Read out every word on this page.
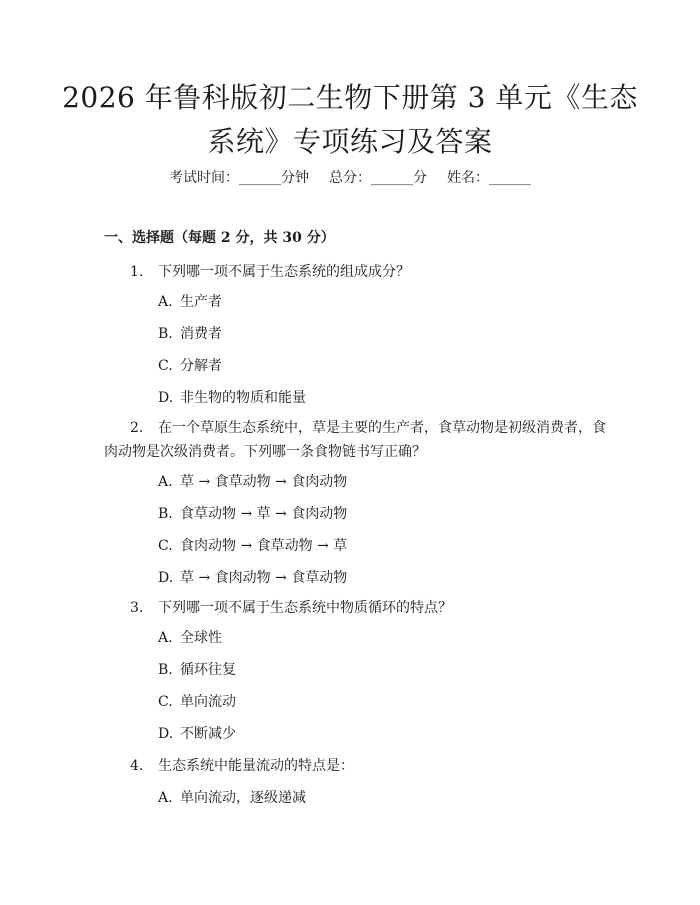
2026 年鲁科版初二生物下册第 3 单元《生态
系统》专项练习及答案
考试时间：______分钟 总分：______分 姓名：______
一、选择题（每题 2 分，共 30 分）
1. 下列哪一项不属于生态系统的组成成分？
A. 生产者
B. 消费者
C. 分解者
D. 非生物的物质和能量
2. 在一个草原生态系统中，草是主要的生产者，食草动物是初级消费者，食
肉动物是次级消费者。下列哪一条食物链书写正确？
A. 草 → 食草动物 → 食肉动物
B. 食草动物 → 草 → 食肉动物
C. 食肉动物 → 食草动物 → 草
D. 草 → 食肉动物 → 食草动物
3. 下列哪一项不属于生态系统中物质循环的特点？
A. 全球性
B. 循环往复
C. 单向流动
D. 不断减少
4. 生态系统中能量流动的特点是：
A. 单向流动，逐级递减
